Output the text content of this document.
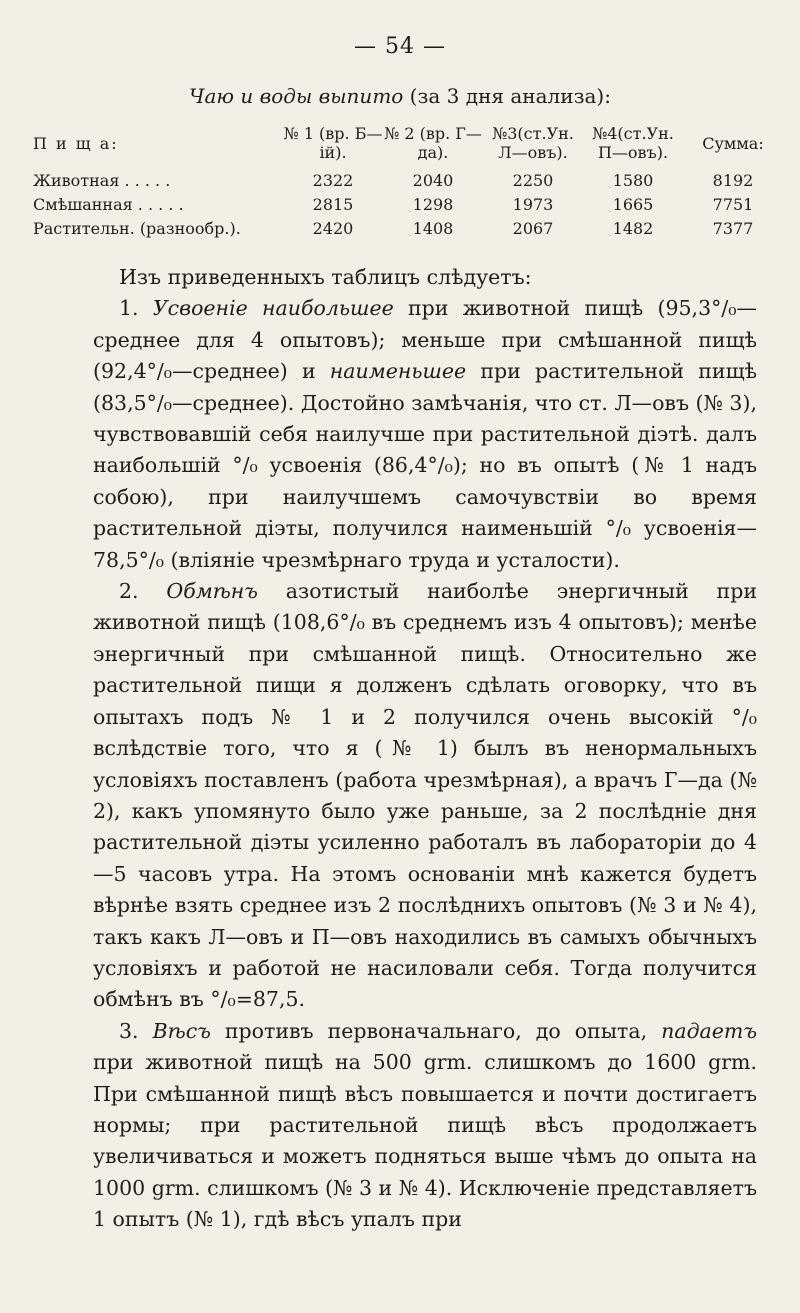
— 54 —
Чаю и воды выпито (за 3 дня анализа):
П и щ а:	№ 1 (вр. Б—ій).	№ 2 (вр. Г—да).	№3(ст.Ун. Л—овъ).	№4(ст.Ун. П—овъ).	Сумма:
Животная . . . . .	2322	2040	2250	1580	8192
Смѣшанная . . . . .	2815	1298	1973	1665	7751
Растительн. (разнообр.).	2420	1408	2067	1482	7377

Изъ приведенныхъ таблицъ слѣдуетъ:

1. Усвоеніе наибольшее при животной пищѣ (95,3°/₀—среднее для 4 опытовъ); меньше при смѣшанной пищѣ (92,4°/₀—среднее) и наименьшее при растительной пищѣ (83,5°/₀—среднее). Достойно замѣчанія, что ст. Л—овъ (№ 3), чувствовавшій себя наилучше при растительной діэтѣ. далъ наибольшій °/₀ усвоенія (86,4°/₀); но въ опытѣ (№ 1 надъ собою), при наилучшемъ самочувствіи во время растительной діэты, получился наименьшій °/₀ усвоенія—78,5°/₀ (вліяніе чрезмѣрнаго труда и усталости).

2. Обмѣнъ азотистый наиболѣе энергичный при животной пищѣ (108,6°/₀ въ среднемъ изъ 4 опытовъ); менѣе энергичный при смѣшанной пищѣ. Относительно же растительной пищи я долженъ сдѣлать оговорку, что въ опытахъ подъ № 1 и 2 получился очень высокій °/₀ вслѣдствіе того, что я (№ 1) былъ въ ненормальныхъ условіяхъ поставленъ (работа чрезмѣрная), а врачъ Г—да (№ 2), какъ упомянуто было уже раньше, за 2 послѣдніе дня растительной діэты усиленно работалъ въ лабораторіи до 4—5 часовъ утра. На этомъ основаніи мнѣ кажется будетъ вѣрнѣе взять среднее изъ 2 послѣднихъ опытовъ (№ 3 и № 4), такъ какъ Л—овъ и П—овъ находились въ самыхъ обычныхъ условіяхъ и работой не насиловали себя. Тогда получится обмѣнъ въ °/₀=87,5.

3. Вѣсъ противъ первоначальнаго, до опыта, падаетъ при животной пищѣ на 500 grm. слишкомъ до 1600 grm. При смѣшанной пищѣ вѣсъ повышается и почти достигаетъ нормы; при растительной пищѣ вѣсъ продолжаетъ увеличиваться и можетъ подняться выше чѣмъ до опыта на 1000 grm. слишкомъ (№ 3 и № 4). Исключеніе представляетъ 1 опытъ (№ 1), гдѣ вѣсъ упалъ при
